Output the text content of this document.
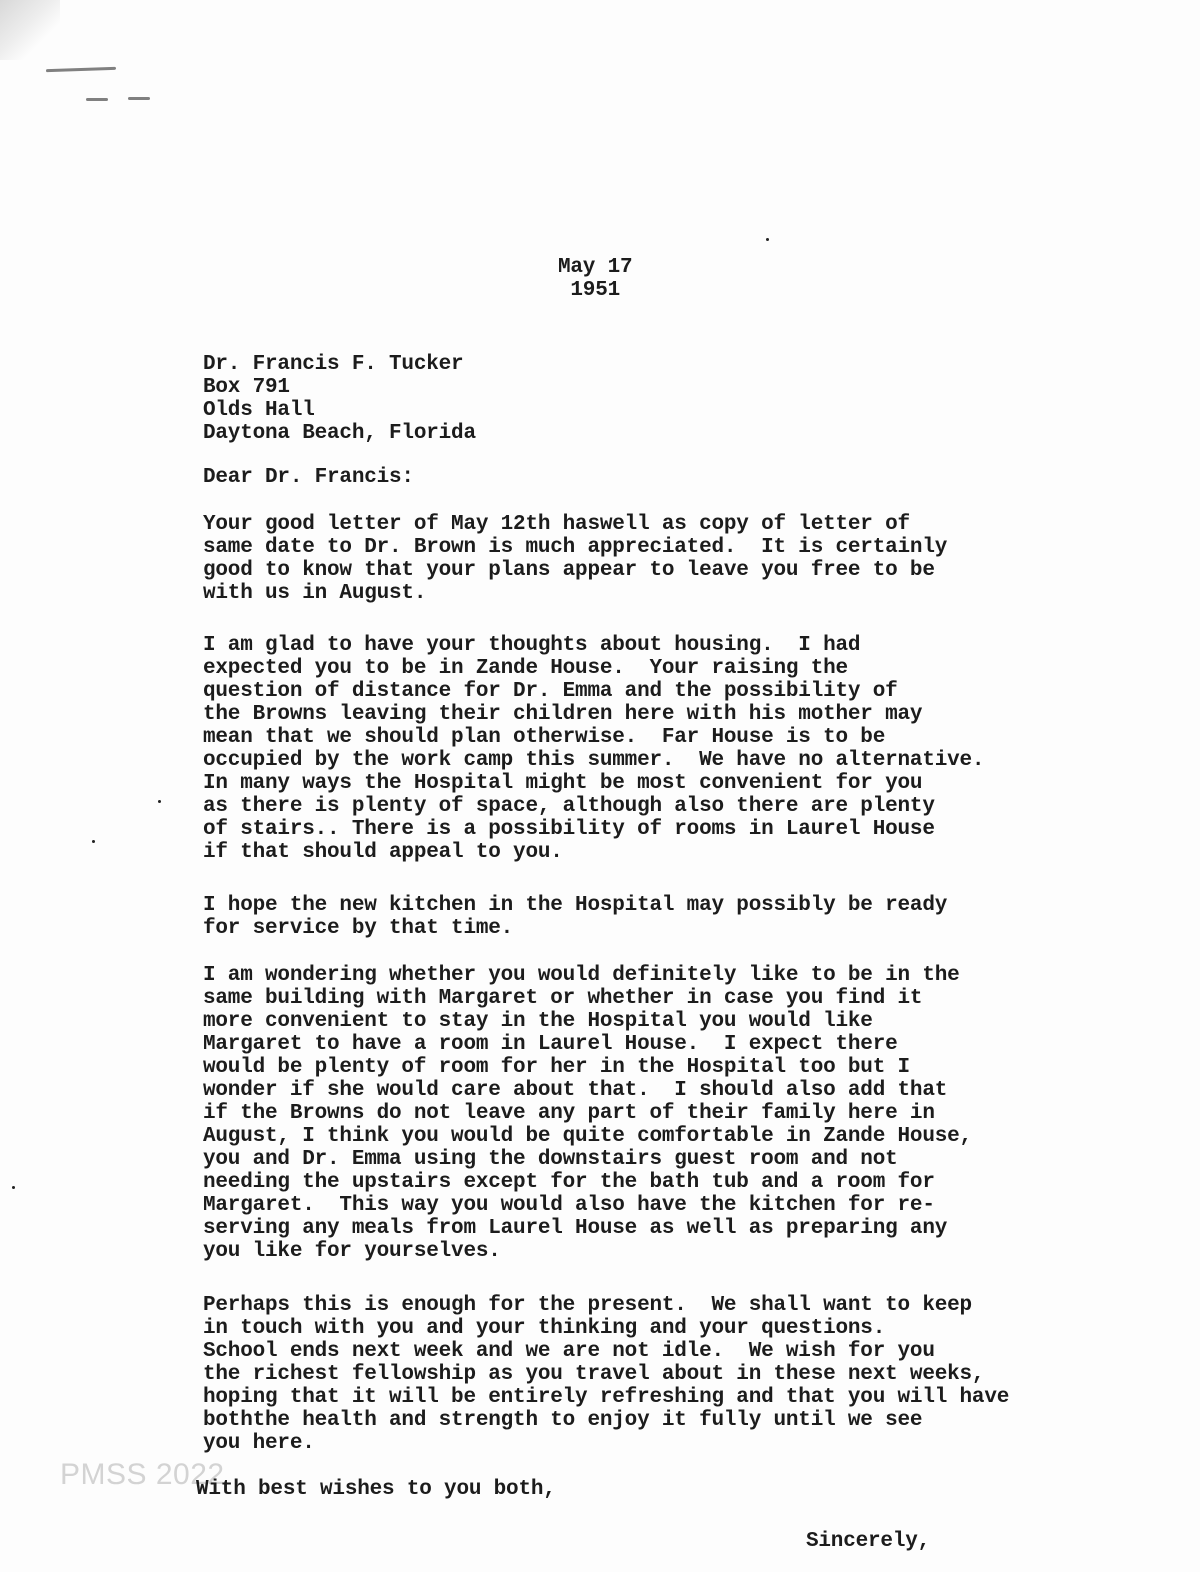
May 17
1951
Dr. Francis F. Tucker
Box 791
Olds Hall
Daytona Beach, Florida
Dear Dr. Francis:
Your good letter of May 12th haswell as copy of letter of
same date to Dr. Brown is much appreciated.  It is certainly
good to know that your plans appear to leave you free to be
with us in August.
I am glad to have your thoughts about housing.  I had
expected you to be in Zande House.  Your raising the
question of distance for Dr. Emma and the possibility of
the Browns leaving their children here with his mother may
mean that we should plan otherwise.  Far House is to be
occupied by the work camp this summer.  We have no alternative.
In many ways the Hospital might be most convenient for you
as there is plenty of space, although also there are plenty
of stairs.. There is a possibility of rooms in Laurel House
if that should appeal to you.
I hope the new kitchen in the Hospital may possibly be ready
for service by that time.
I am wondering whether you would definitely like to be in the
same building with Margaret or whether in case you find it
more convenient to stay in the Hospital you would like
Margaret to have a room in Laurel House.  I expect there
would be plenty of room for her in the Hospital too but I
wonder if she would care about that.  I should also add that
if the Browns do not leave any part of their family here in
August, I think you would be quite comfortable in Zande House,
you and Dr. Emma using the downstairs guest room and not
needing the upstairs except for the bath tub and a room for
Margaret.  This way you would also have the kitchen for re-
serving any meals from Laurel House as well as preparing any
you like for yourselves.
Perhaps this is enough for the present.  We shall want to keep
in touch with you and your thinking and your questions.
School ends next week and we are not idle.  We wish for you
the richest fellowship as you travel about in these next weeks,
hoping that it will be entirely refreshing and that you will have
boththe health and strength to enjoy it fully until we see
you here.
PMSS 2022
With best wishes to you both,
Sincerely,
